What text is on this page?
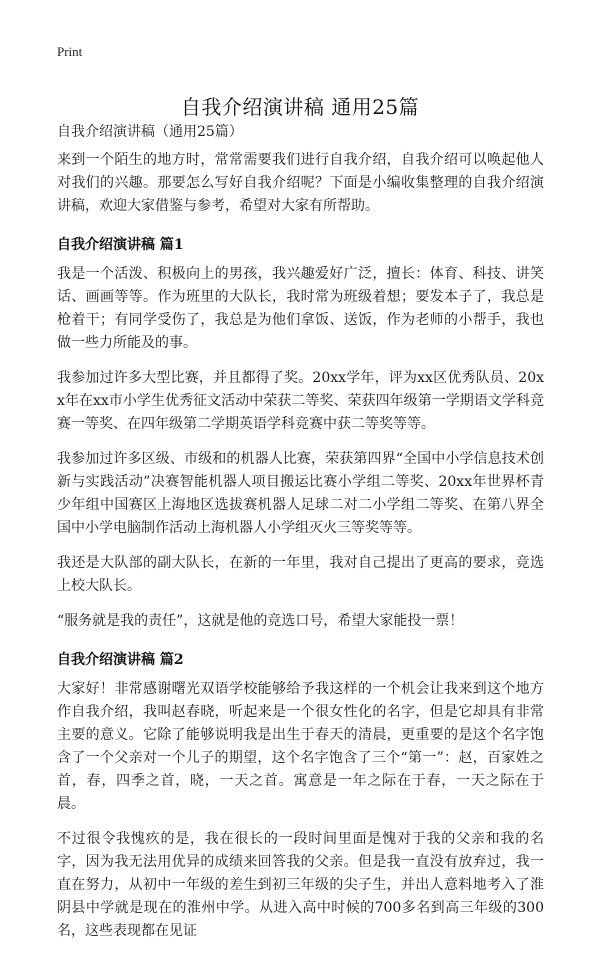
Print
自我介绍演讲稿 通用25篇
自我介绍演讲稿（通用25篇）

来到一个陌生的地方时，常常需要我们进行自我介绍，自我介绍可以唤起他人对我们的兴趣。那要怎么写好自我介绍呢？下面是小编收集整理的自我介绍演讲稿，欢迎大家借鉴与参考，希望对大家有所帮助。

自我介绍演讲稿 篇1

我是一个活泼、积极向上的男孩，我兴趣爱好广泛，擅长：体育、科技、讲笑话、画画等等。作为班里的大队长，我时常为班级着想；要发本子了，我总是枪着干；有同学受伤了，我总是为他们拿饭、送饭，作为老师的小帮手，我也做一些力所能及的事。

我参加过许多大型比赛，并且都得了奖。20xx学年，评为xx区优秀队员、20xx年在xx市小学生优秀征文活动中荣获二等奖、荣获四年级第一学期语文学科竞赛一等奖、在四年级第二学期英语学科竞赛中获二等奖等等。

我参加过许多区级、市级和的机器人比赛，荣获第四界“全国中小学信息技术创新与实践活动”决赛智能机器人项目搬运比赛小学组二等奖、20xx年世界杯青少年组中国赛区上海地区选拔赛机器人足球二对二小学组二等奖、在第八界全国中小学电脑制作活动上海机器人小学组灭火三等奖等等。

我还是大队部的副大队长，在新的一年里，我对自己提出了更高的要求，竞选上校大队长。

“服务就是我的责任”，这就是他的竞选口号，希望大家能投一票！

自我介绍演讲稿 篇2

大家好！非常感谢曙光双语学校能够给予我这样的一个机会让我来到这个地方作自我介绍，我叫赵春晓，听起来是一个很女性化的名字，但是它却具有非常主要的意义。它除了能够说明我是出生于春天的清晨，更重要的是这个名字饱含了一个父亲对一个儿子的期望，这个名字饱含了三个“第一”：赵，百家姓之首，春，四季之首，晓，一天之首。寓意是一年之际在于春，一天之际在于晨。

不过很令我愧疚的是，我在很长的一段时间里面是愧对于我的父亲和我的名字，因为我无法用优异的成绩来回答我的父亲。但是我一直没有放弃过，我一直在努力，从初中一年级的差生到初三年级的尖子生，并出人意料地考入了淮阴县中学就是现在的淮州中学。从进入高中时候的700多名到高三年级的300名，这些表现都在见证
